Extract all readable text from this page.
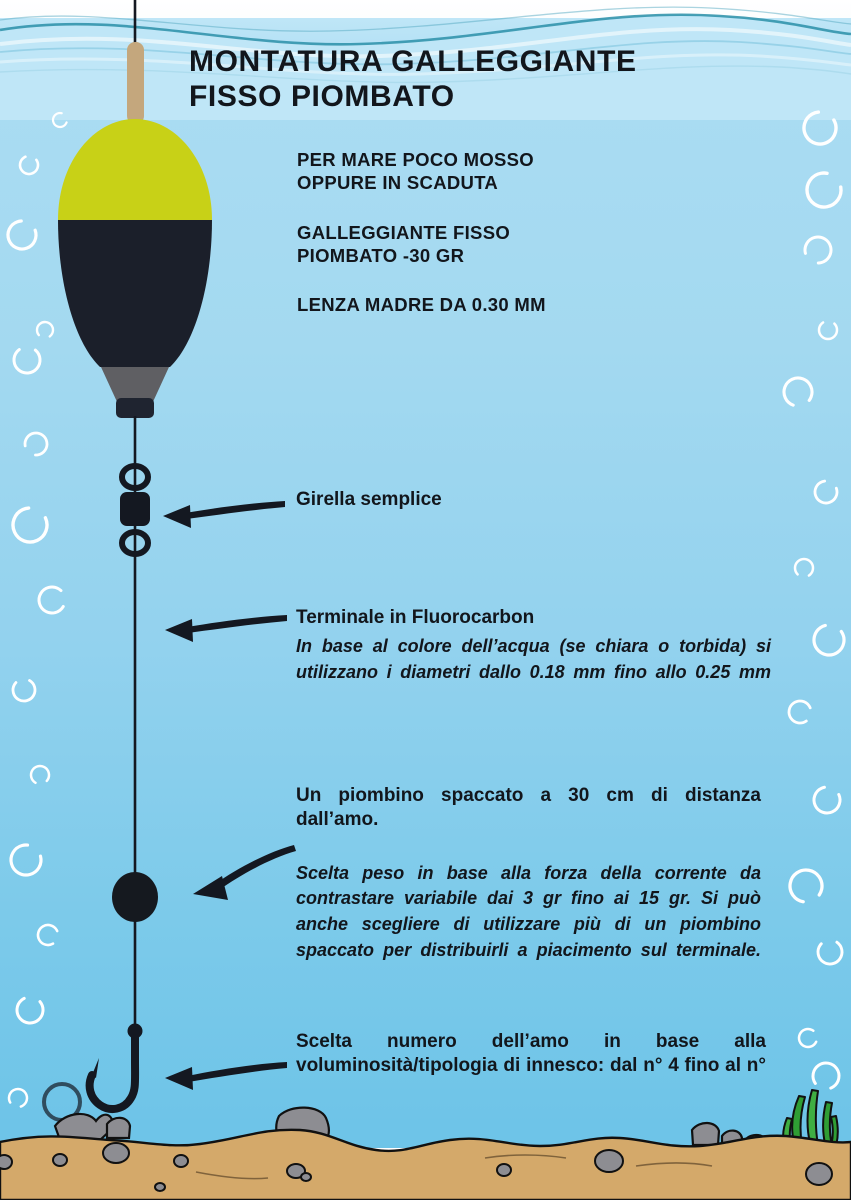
MONTATURA GALLEGGIANTE
FISSO PIOMBATO
PER MARE POCO MOSSO
OPPURE IN SCADUTA
GALLEGGIANTE FISSO
PIOMBATO -30 GR
LENZA MADRE DA 0.30 MM
Girella semplice
Terminale in Fluorocarbon
In base al colore dell’acqua (se chiara o torbida) si utilizzano i diametri dallo 0.18 mm fino allo 0.25 mm
Un piombino spaccato a 30 cm di distanza dall’amo.
Scelta peso in base alla forza della corrente da contrastare variabile dai 3 gr fino ai 15 gr. Si può anche scegliere di utilizzare più di un piombino spaccato per distribuirli a piacimento sul terminale.
Scelta numero dell’amo in base alla voluminosità/tipologia di innesco: dal n° 4 fino al n°
